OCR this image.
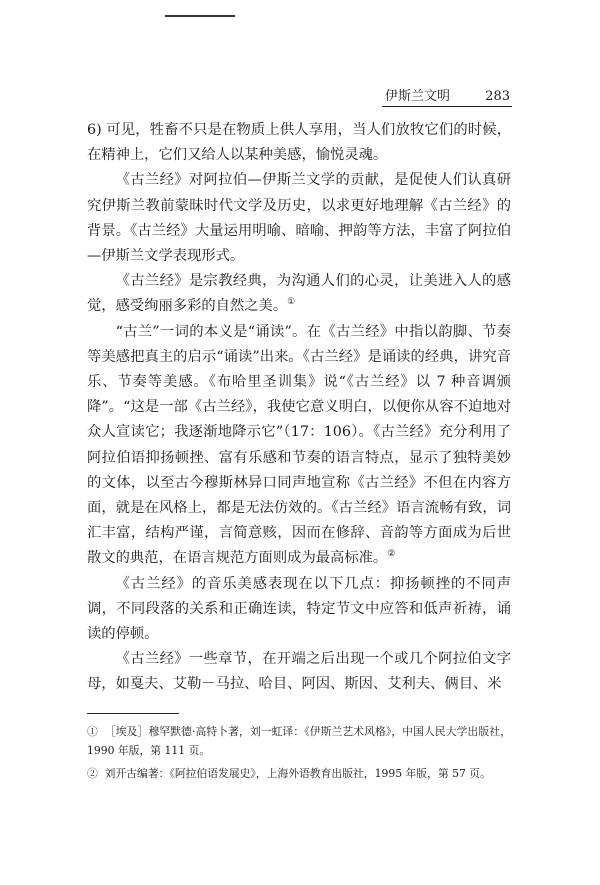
伊斯兰文明	283

6) 可见，牲畜不只是在物质上供人享用，当人们放牧它们的时候，在精神上，它们又给人以某种美感，愉悦灵魂。

《古兰经》对阿拉伯—伊斯兰文学的贡献，是促使人们认真研究伊斯兰教前蒙昧时代文学及历史，以求更好地理解《古兰经》的背景。《古兰经》大量运用明喻、暗喻、押韵等方法，丰富了阿拉伯—伊斯兰文学表现形式。

《古兰经》是宗教经典，为沟通人们的心灵，让美进入人的感觉，感受绚丽多彩的自然之美。①

“古兰”一词的本义是“诵读”。在《古兰经》中指以韵脚、节奏等美感把真主的启示“诵读”出来。《古兰经》是诵读的经典，讲究音乐、节奏等美感。《布哈里圣训集》说“《古兰经》以 7 种音调颁降”。“这是一部《古兰经》，我使它意义明白，以便你从容不迫地对众人宣读它；我逐渐地降示它”（17：106）。《古兰经》充分利用了阿拉伯语抑扬顿挫、富有乐感和节奏的语言特点，显示了独特美妙的文体，以至古今穆斯林异口同声地宣称《古兰经》不但在内容方面，就是在风格上，都是无法仿效的。《古兰经》语言流畅有致，词汇丰富，结构严谨，言简意赅，因而在修辞、音韵等方面成为后世散文的典范，在语言规范方面则成为最高标准。②

《古兰经》的音乐美感表现在以下几点：抑扬顿挫的不同声调，不同段落的关系和正确连读，特定节文中应答和低声祈祷，诵读的停顿。

《古兰经》一些章节，在开端之后出现一个或几个阿拉伯文字母，如戛夫、艾勒－马拉、哈目、阿因、斯因、艾利夫、俩目、米

① ［埃及］穆罕默德·高特卜著，刘一虹译：《伊斯兰艺术风格》，中国人民大学出版社，1990 年版，第 111 页。

② 刘开古编著：《阿拉伯语发展史》，上海外语教育出版社，1995 年版，第 57 页。
